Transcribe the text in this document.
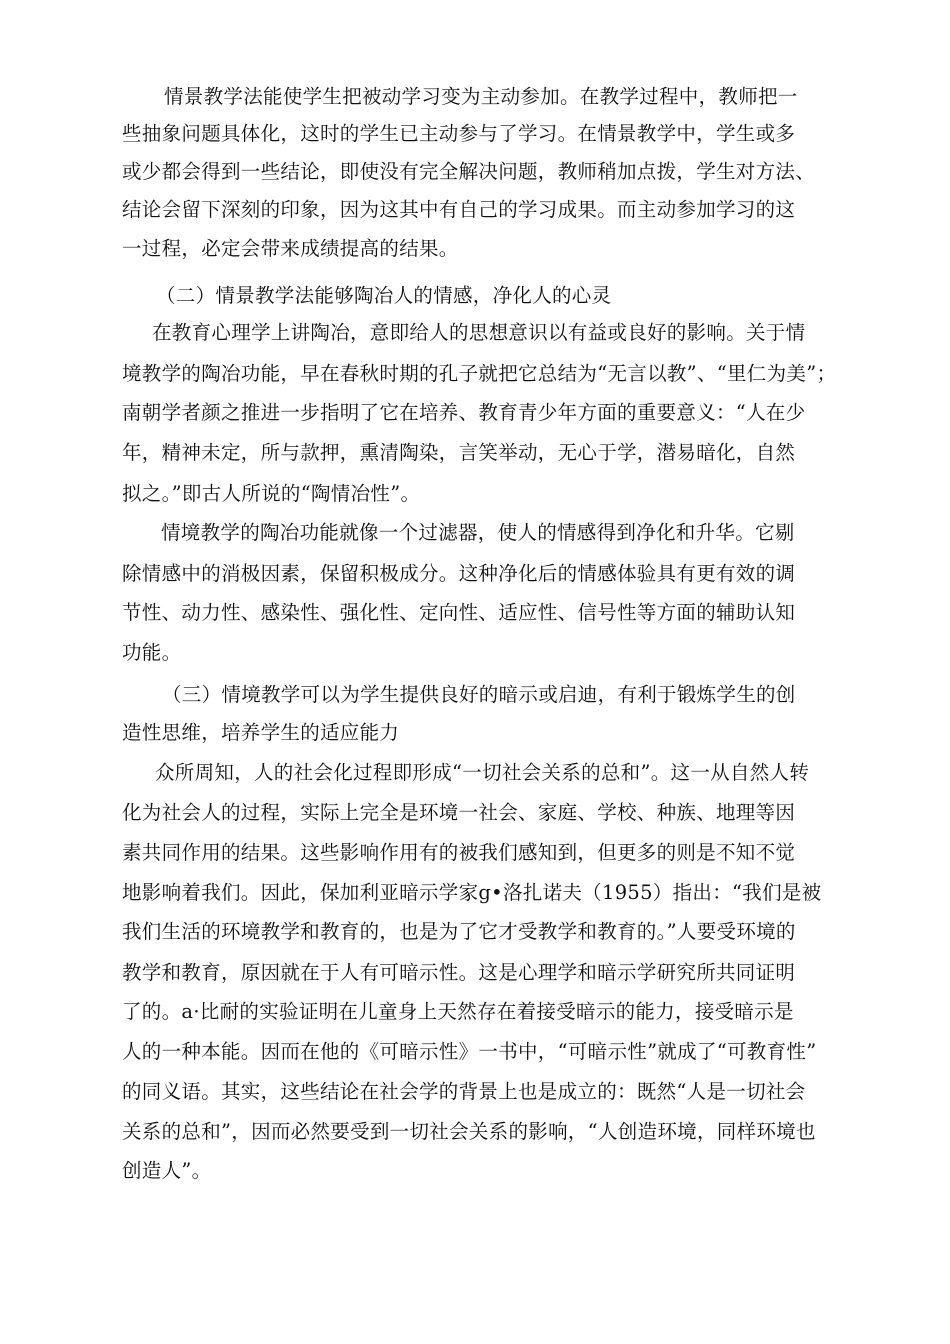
情景教学法能使学生把被动学习变为主动参加。在教学过程中，教师把一
些抽象问题具体化，这时的学生已主动参与了学习。在情景教学中，学生或多
或少都会得到一些结论，即使没有完全解决问题，教师稍加点拨，学生对方法、
结论会留下深刻的印象，因为这其中有自己的学习成果。而主动参加学习的这
一过程，必定会带来成绩提高的结果。
（二）情景教学法能够陶冶人的情感，净化人的心灵
在教育心理学上讲陶冶，意即给人的思想意识以有益或良好的影响。关于情
境教学的陶冶功能，早在春秋时期的孔子就把它总结为“无言以教”、“里仁为美”；
南朝学者颜之推进一步指明了它在培养、教育青少年方面的重要意义：“人在少
年，精神未定，所与款押，熏清陶染，言笑举动，无心于学，潜易暗化，自然
拟之。”即古人所说的“陶情冶性”。
情境教学的陶冶功能就像一个过滤器，使人的情感得到净化和升华。它剔
除情感中的消极因素，保留积极成分。这种净化后的情感体验具有更有效的调
节性、动力性、感染性、强化性、定向性、适应性、信号性等方面的辅助认知
功能。
（三）情境教学可以为学生提供良好的暗示或启迪，有利于锻炼学生的创
造性思维，培养学生的适应能力
众所周知，人的社会化过程即形成“一切社会关系的总和”。这一从自然人转
化为社会人的过程，实际上完全是环境一社会、家庭、学校、种族、地理等因
素共同作用的结果。这些影响作用有的被我们感知到，但更多的则是不知不觉
地影响着我们。因此，保加利亚暗示学家g•洛扎诺夫（1955）指出：“我们是被
我们生活的环境教学和教育的，也是为了它才受教学和教育的。”人要受环境的
教学和教育，原因就在于人有可暗示性。这是心理学和暗示学研究所共同证明
了的。a·比耐的实验证明在儿童身上天然存在着接受暗示的能力，接受暗示是
人的一种本能。因而在他的《可暗示性》一书中，“可暗示性”就成了“可教育性”
的同义语。其实，这些结论在社会学的背景上也是成立的：既然“人是一切社会
关系的总和”，因而必然要受到一切社会关系的影响，“人创造环境，同样环境也
创造人”。
